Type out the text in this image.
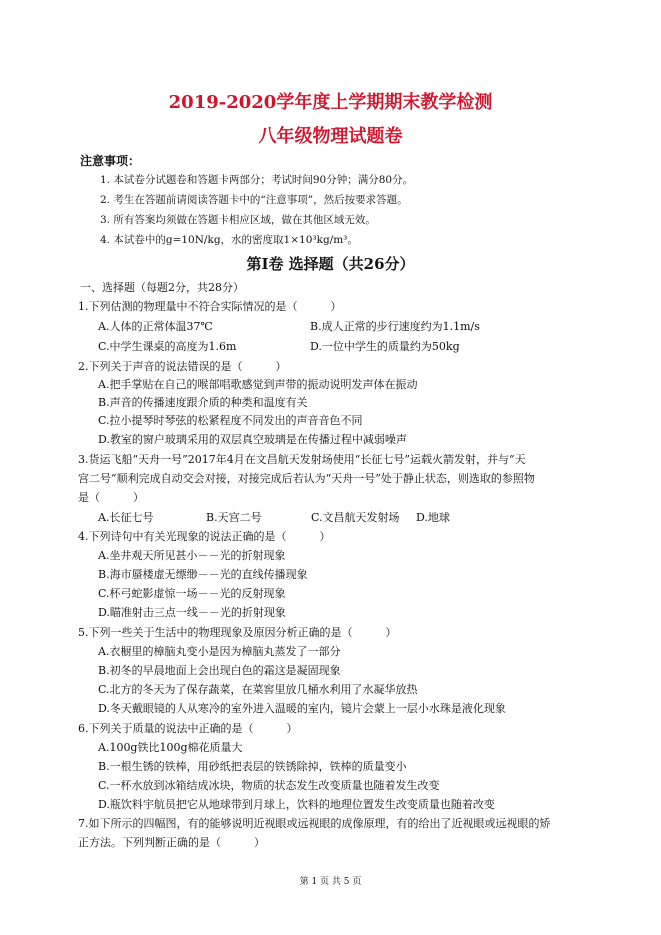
2019-2020学年度上学期期末教学检测
八年级物理试题卷
注意事项：
1. 本试卷分试题卷和答题卡两部分；考试时间90分钟；满分80分。
2. 考生在答题前请阅读答题卡中的“注意事项”，然后按要求答题。
3. 所有答案均须做在答题卡相应区域，做在其他区域无效。
4. 本试卷中的g=10N/kg，水的密度取1×10³kg/m³。
第I卷 选择题（共26分）
一、选择题（每题2分，共28分）
1.下列估测的物理量中不符合实际情况的是（　　　）
A.人体的正常体温37℃	B.成人正常的步行速度约为1.1m/s
C.中学生课桌的高度为1.6m	D.一位中学生的质量约为50kg
2.下列关于声音的说法错误的是（　　　）
A.把手掌贴在自己的喉部唱歌感觉到声带的振动说明发声体在振动
B.声音的传播速度跟介质的种类和温度有关
C.拉小提琴时琴弦的松紧程度不同发出的声音音色不同
D.教室的窗户玻璃采用的双层真空玻璃是在传播过程中减弱噪声
3.货运飞船“天舟一号”2017年4月在文昌航天发射场使用“长征七号”运载火箭发射，并与“天
宫二号”顺利完成自动交会对接，对接完成后若认为“天舟一号”处于静止状态，则选取的参照物
是（　　　）
A.长征七号	B.天宫二号	C.文昌航天发射场 D.地球
4.下列诗句中有关光现象的说法正确的是（　　　）
A.坐井观天所见甚小－－光的折射现象
B.海市蜃楼虚无缥缈－－光的直线传播现象
C.杯弓蛇影虚惊一场－－光的反射现象
D.瞄准射击三点一线－－光的折射现象
5.下列一些关于生活中的物理现象及原因分析正确的是（　　　）
A.衣橱里的樟脑丸变小是因为樟脑丸蒸发了一部分
B.初冬的早晨地面上会出现白色的霜这是凝固现象
C.北方的冬天为了保存蔬菜，在菜窖里放几桶水利用了水凝华放热
D.冬天戴眼镜的人从寒冷的室外进入温暖的室内，镜片会蒙上一层小水珠是液化现象
6.下列关于质量的说法中正确的是（　　　）
A.100g铁比100g棉花质量大
B.一根生锈的铁棒，用砂纸把表层的铁锈除掉，铁棒的质量变小
C.一杯水放到冰箱结成冰块，物质的状态发生改变质量也随着发生改变
D.瓶饮料宇航员把它从地球带到月球上，饮料的地理位置发生改变质量也随着改变
7.如下所示的四幅图，有的能够说明近视眼或远视眼的成像原理，有的给出了近视眼或远视眼的矫
正方法。下列判断正确的是（　　　）
第 1 页 共 5 页
